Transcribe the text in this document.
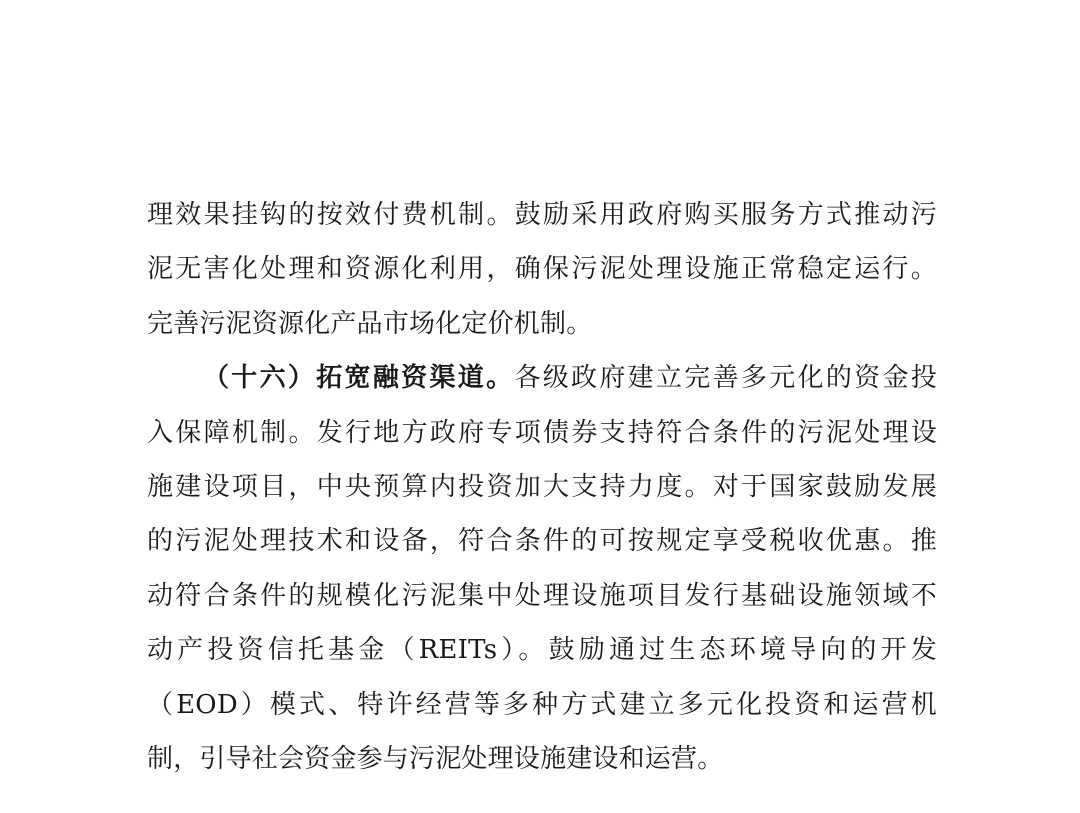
理效果挂钩的按效付费机制。鼓励采用政府购买服务方式推动污
泥无害化处理和资源化利用，确保污泥处理设施正常稳定运行。
完善污泥资源化产品市场化定价机制。
（十六）拓宽融资渠道。各级政府建立完善多元化的资金投
入保障机制。发行地方政府专项债券支持符合条件的污泥处理设
施建设项目，中央预算内投资加大支持力度。对于国家鼓励发展
的污泥处理技术和设备，符合条件的可按规定享受税收优惠。推
动符合条件的规模化污泥集中处理设施项目发行基础设施领域不
动产投资信托基金（REITs）。鼓励通过生态环境导向的开发
（EOD）模式、特许经营等多种方式建立多元化投资和运营机
制，引导社会资金参与污泥处理设施建设和运营。
